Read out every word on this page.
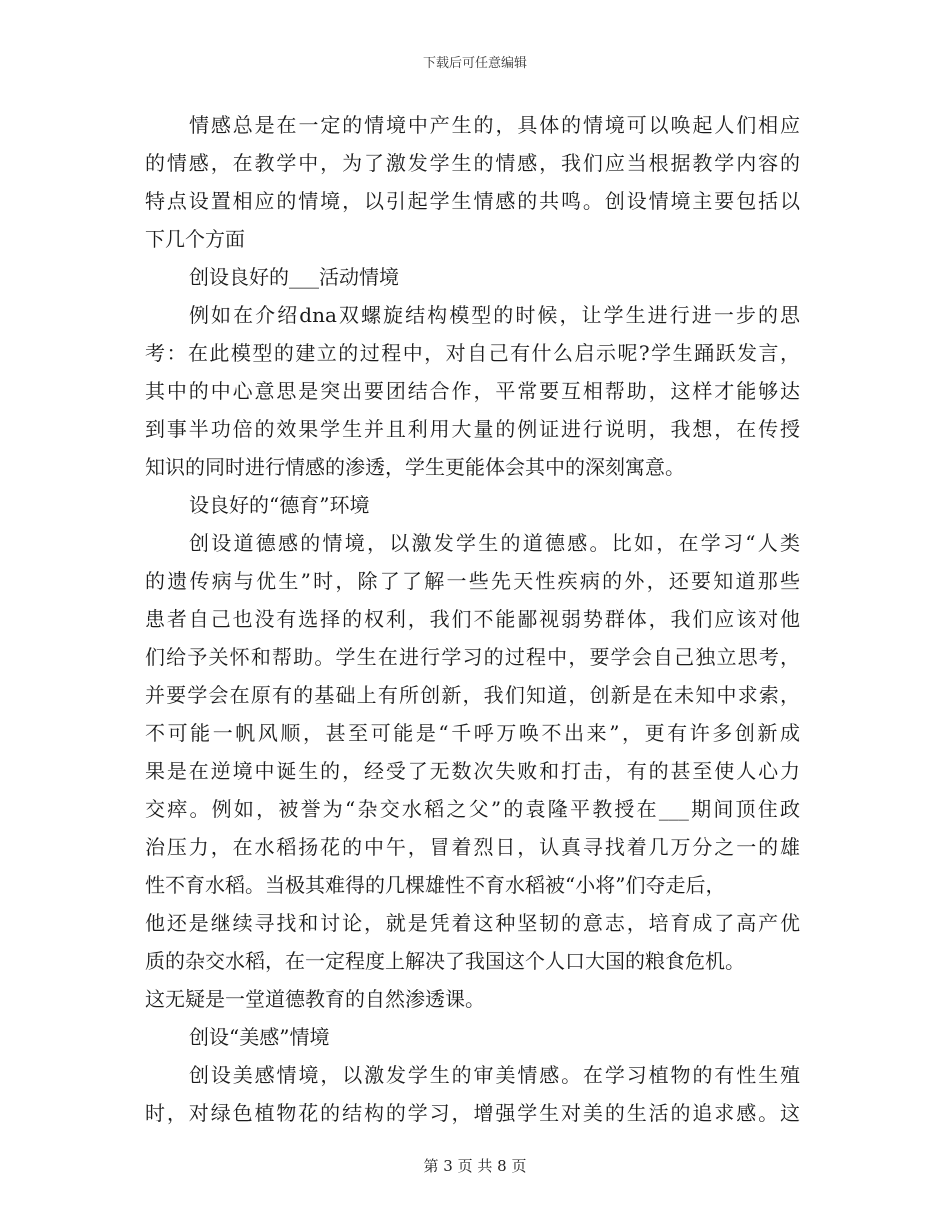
下载后可任意编辑
情感总是在一定的情境中产生的，具体的情境可以唤起人们相应
的情感，在教学中，为了激发学生的情感，我们应当根据教学内容的
特点设置相应的情境，以引起学生情感的共鸣。创设情境主要包括以
下几个方面
创设良好的___活动情境
例如在介绍dna双螺旋结构模型的时候，让学生进行进一步的思
考：在此模型的建立的过程中，对自己有什么启示呢?学生踊跃发言，
其中的中心意思是突出要团结合作，平常要互相帮助，这样才能够达
到事半功倍的效果学生并且利用大量的例证进行说明，我想，在传授
知识的同时进行情感的渗透，学生更能体会其中的深刻寓意。
设良好的“德育”环境
创设道德感的情境，以激发学生的道德感。比如，在学习“人类
的遗传病与优生”时，除了了解一些先天性疾病的外，还要知道那些
患者自己也没有选择的权利，我们不能鄙视弱势群体，我们应该对他
们给予关怀和帮助。学生在进行学习的过程中，要学会自己独立思考，
并要学会在原有的基础上有所创新，我们知道，创新是在未知中求索，
不可能一帆风顺，甚至可能是“千呼万唤不出来”，更有许多创新成
果是在逆境中诞生的，经受了无数次失败和打击，有的甚至使人心力
交瘁。例如，被誉为“杂交水稻之父”的袁隆平教授在___期间顶住政
治压力，在水稻扬花的中午，冒着烈日，认真寻找着几万分之一的雄
性不育水稻。当极其难得的几棵雄性不育水稻被“小将”们夺走后，
他还是继续寻找和讨论，就是凭着这种坚韧的意志，培育成了高产优
质的杂交水稻，在一定程度上解决了我国这个人口大国的粮食危机。
这无疑是一堂道德教育的自然渗透课。
创设“美感”情境
创设美感情境，以激发学生的审美情感。在学习植物的有性生殖
时，对绿色植物花的结构的学习，增强学生对美的生活的追求感。这
第 3 页 共 8 页
